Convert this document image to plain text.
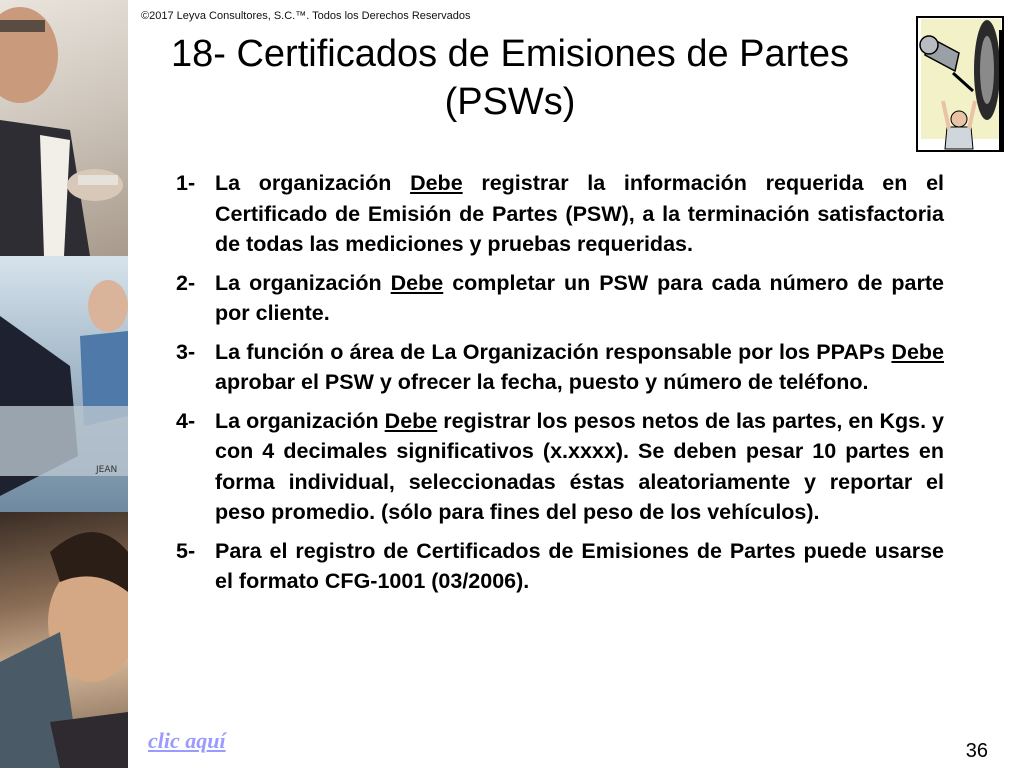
JEAN
©2017 Leyva Consultores, S.C.™. Todos los Derechos Reservados
18- Certificados de Emisiones de Partes (PSWs)
1- La organización Debe registrar la información requerida en el Certificado de Emisión de Partes (PSW), a la terminación satisfactoria de todas las mediciones y pruebas requeridas.
2- La organización Debe completar un PSW para cada número de parte por cliente.
3- La función o área de La Organización responsable por los PPAPs Debe aprobar el PSW y ofrecer la fecha, puesto y número de teléfono.
4- La organización Debe registrar los pesos netos de las partes, en Kgs. y con 4 decimales significativos (x.xxxx). Se deben pesar 10 partes en forma individual, seleccionadas éstas aleatoriamente y reportar el peso promedio. (sólo para fines del peso de los vehículos).
5- Para el registro de Certificados de Emisiones de Partes puede usarse el formato CFG-1001 (03/2006).
clic aquí	36
